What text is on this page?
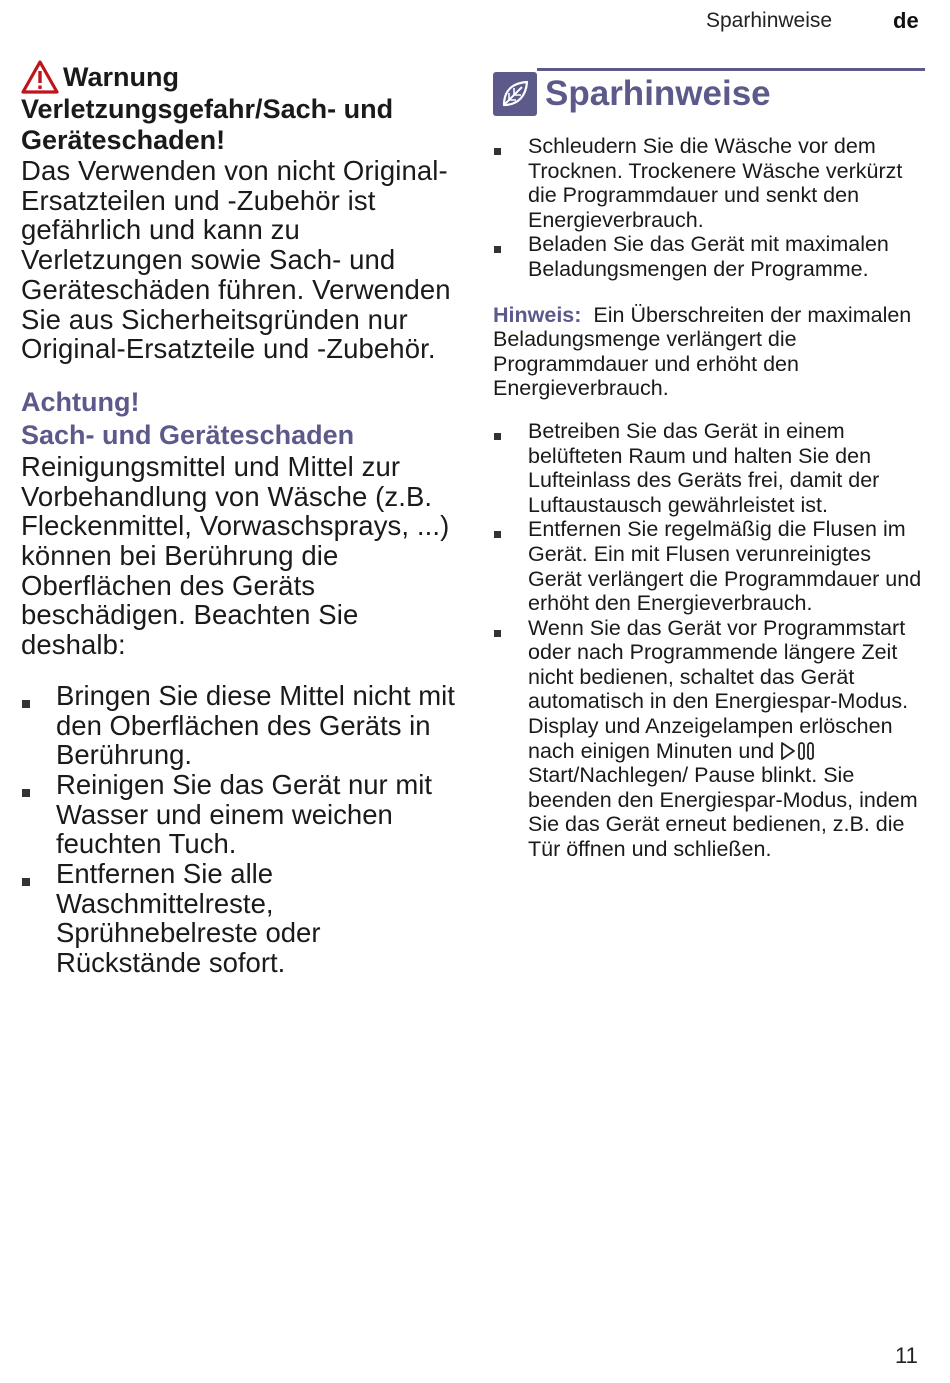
Sparhinweise	de
Warnung

Verletzungsgefahr/Sach- und Geräteschaden!

Das Verwenden von nicht Original-Ersatzteilen und -Zubehör ist gefährlich und kann zu Verletzungen sowie Sach- und Geräteschäden führen. Verwenden Sie aus Sicherheitsgründen nur Original-Ersatzteile und -Zubehör.

Achtung!
Sach- und Geräteschaden

Reinigungsmittel und Mittel zur Vorbehandlung von Wäsche (z.B. Fleckenmittel, Vorwaschsprays, ...) können bei Berührung die Oberflächen des Geräts beschädigen. Beachten Sie deshalb:

Bringen Sie diese Mittel nicht mit den Oberflächen des Geräts in Berührung.
Reinigen Sie das Gerät nur mit Wasser und einem weichen feuchten Tuch.
Entfernen Sie alle Waschmittelreste, Sprühnebelreste oder Rückstände sofort.
Sparhinweise
Schleudern Sie die Wäsche vor dem Trocknen. Trockenere Wäsche verkürzt die Programmdauer und senkt den Energieverbrauch.
Beladen Sie das Gerät mit maximalen Beladungsmengen der Programme.

Hinweis: Ein Überschreiten der maximalen Beladungsmenge verlängert die Programmdauer und erhöht den Energieverbrauch.

Betreiben Sie das Gerät in einem belüfteten Raum und halten Sie den Lufteinlass des Geräts frei, damit der Luftaustausch gewährleistet ist.
Entfernen Sie regelmäßig die Flusen im Gerät. Ein mit Flusen verunreinigtes Gerät verlängert die Programmdauer und erhöht den Energieverbrauch.
Wenn Sie das Gerät vor Programmstart oder nach Programmende längere Zeit nicht bedienen, schaltet das Gerät automatisch in den Energiespar-Modus. Display und Anzeigelampen erlöschen nach einigen Minuten und Start/Nachlegen/ Pause blinkt. Sie beenden den Energiespar-Modus, indem Sie das Gerät erneut bedienen, z.B. die Tür öffnen und schließen.
11
